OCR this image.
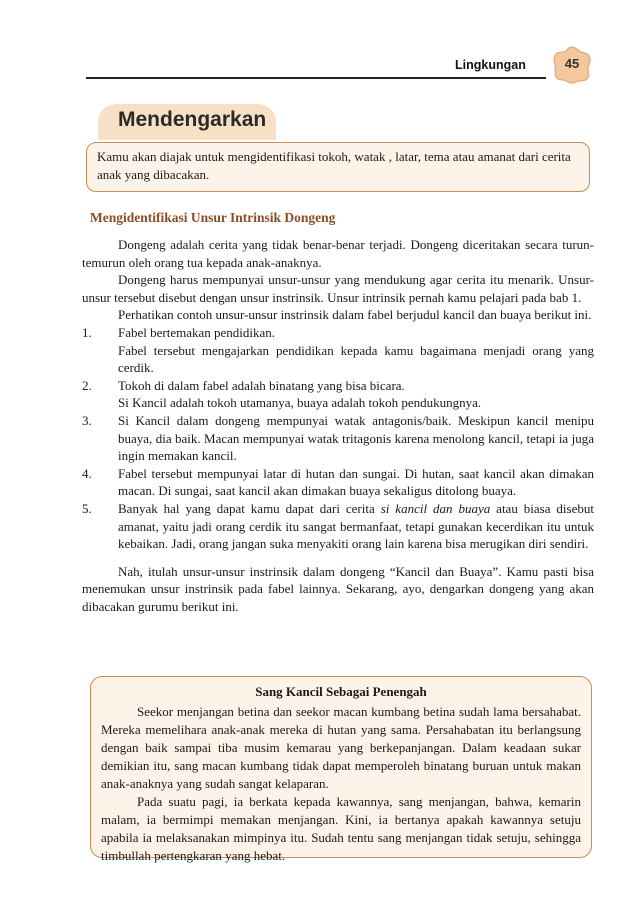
Lingkungan	45
Mendengarkan
Kamu akan diajak untuk mengidentifikasi tokoh, watak , latar, tema atau amanat dari cerita anak yang dibacakan.
Mengidentifikasi Unsur Intrinsik Dongeng

Dongeng adalah cerita yang tidak benar-benar terjadi. Dongeng diceritakan secara turun-temurun oleh orang tua kepada anak-anaknya.

Dongeng harus mempunyai unsur-unsur yang mendukung agar cerita itu menarik. Unsur-unsur tersebut disebut dengan unsur instrinsik. Unsur intrinsik pernah kamu pelajari pada bab 1.

Perhatikan contoh unsur-unsur instrinsik dalam fabel berjudul kancil dan buaya berikut ini.

1.	Fabel bertemakan pendidikan.
Fabel tersebut mengajarkan pendidikan kepada kamu bagaimana menjadi orang yang cerdik.
2.	Tokoh di dalam fabel adalah binatang yang bisa bicara.
Si Kancil adalah tokoh utamanya, buaya adalah tokoh pendukungnya.
3.	Si Kancil dalam dongeng mempunyai watak antagonis/baik. Meskipun kancil menipu buaya, dia baik. Macan mempunyai watak tritagonis karena menolong kancil, tetapi ia juga ingin memakan kancil.
4.	Fabel tersebut mempunyai latar di hutan dan sungai. Di hutan, saat kancil akan dimakan macan. Di sungai, saat kancil akan dimakan buaya sekaligus ditolong buaya.
5.	Banyak hal yang dapat kamu dapat dari cerita si kancil dan buaya atau biasa disebut amanat, yaitu jadi orang cerdik itu sangat bermanfaat, tetapi gunakan kecerdikan itu untuk kebaikan. Jadi, orang jangan suka menyakiti orang lain karena bisa merugikan diri sendiri.

Nah, itulah unsur-unsur instrinsik dalam dongeng “Kancil dan Buaya”. Kamu pasti bisa menemukan unsur instrinsik pada fabel lainnya. Sekarang, ayo, dengarkan dongeng yang akan dibacakan gurumu berikut ini.

Sang Kancil Sebagai Penengah

Seekor menjangan betina dan seekor macan kumbang betina sudah lama bersahabat. Mereka memelihara anak-anak mereka di hutan yang sama. Persahabatan itu berlangsung dengan baik sampai tiba musim kemarau yang berkepanjangan. Dalam keadaan sukar demikian itu, sang macan kumbang tidak dapat memperoleh binatang buruan untuk makan anak-anaknya yang sudah sangat kelaparan.

Pada suatu pagi, ia berkata kepada kawannya, sang menjangan, bahwa, kemarin malam, ia bermimpi memakan menjangan. Kini, ia bertanya apakah kawannya setuju apabila ia melaksanakan mimpinya itu. Sudah tentu sang menjangan tidak setuju, sehingga timbullah pertengkaran yang hebat.
